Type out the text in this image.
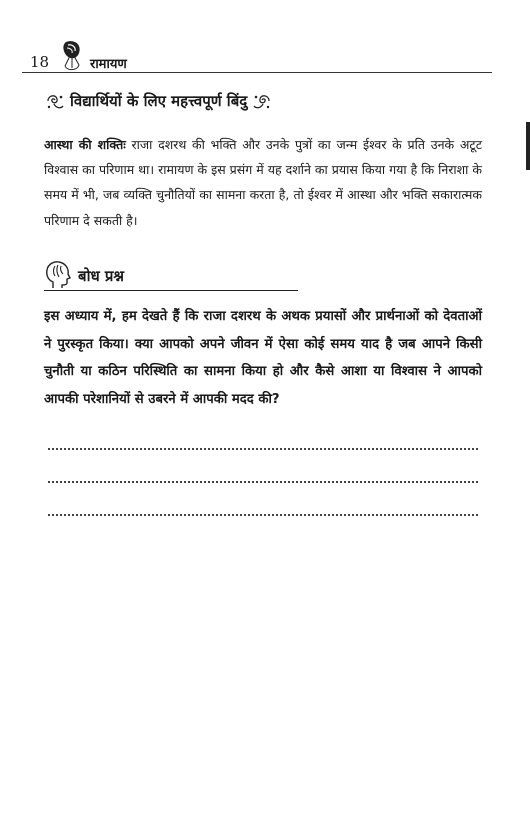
18	रामायण
विद्यार्थियों के लिए महत्त्वपूर्ण बिंदु

आस्था की शक्तिः राजा दशरथ की भक्ति और उनके पुत्रों का जन्म ईश्वर के प्रति उनके अटूट विश्वास का परिणाम था। रामायण के इस प्रसंग में यह दर्शाने का प्रयास किया गया है कि निराशा के समय में भी, जब व्यक्ति चुनौतियों का सामना करता है, तो ईश्वर में आस्था और भक्ति सकारात्मक परिणाम दे सकती है।

बोध प्रश्न

इस अध्याय में, हम देखते हैं कि राजा दशरथ के अथक प्रयासों और प्रार्थनाओं को देवताओं ने पुरस्कृत किया। क्या आपको अपने जीवन में ऐसा कोई समय याद है जब आपने किसी चुनौती या कठिन परिस्थिति का सामना किया हो और कैसे आशा या विश्वास ने आपको आपकी परेशानियों से उबरने में आपकी मदद की?
